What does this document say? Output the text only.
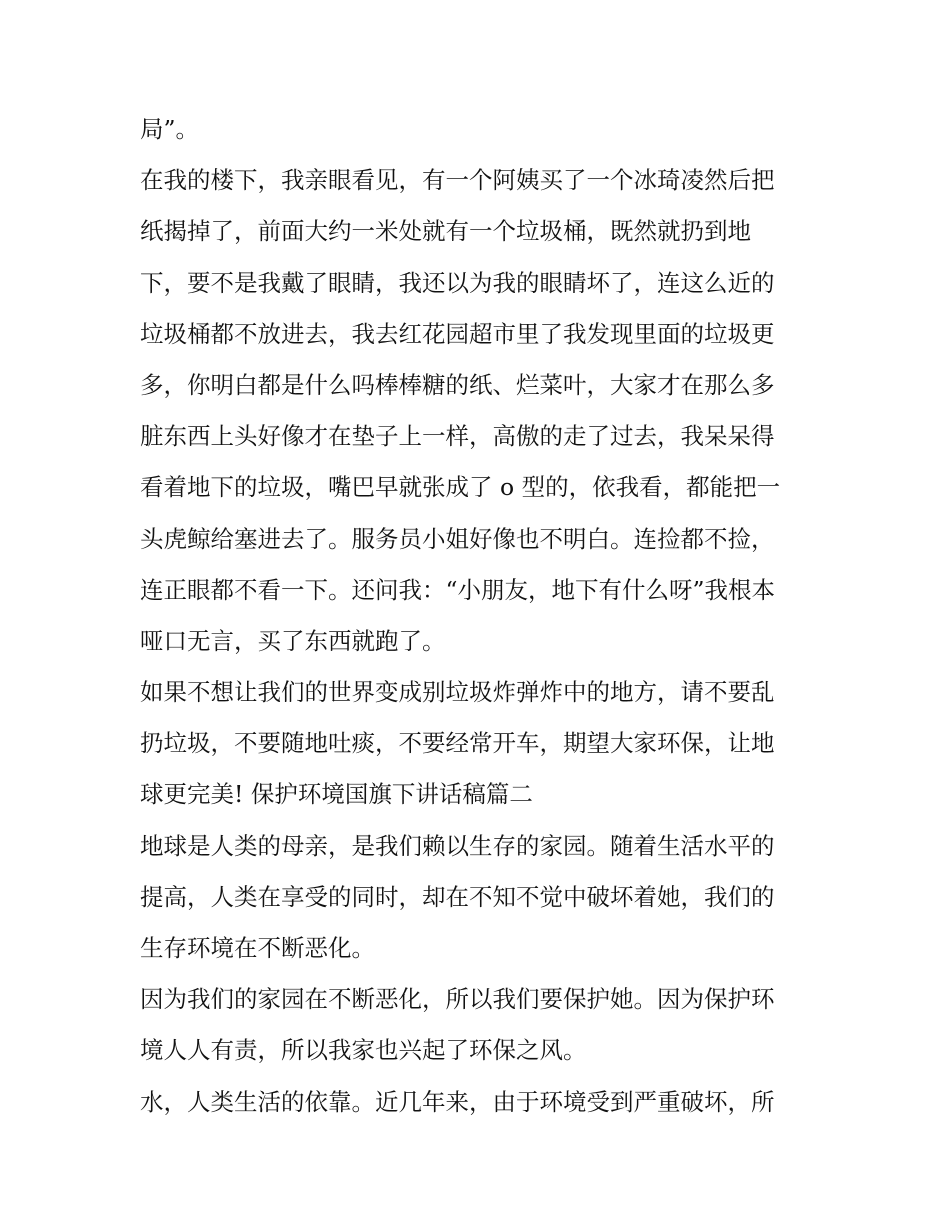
局”。
在我的楼下，我亲眼看见，有一个阿姨买了一个冰琦凌然后把
纸揭掉了，前面大约一米处就有一个垃圾桶，既然就扔到地
下，要不是我戴了眼睛，我还以为我的眼睛坏了，连这么近的
垃圾桶都不放进去，我去红花园超市里了我发现里面的垃圾更
多，你明白都是什么吗棒棒糖的纸、烂菜叶，大家才在那么多
脏东西上头好像才在垫子上一样，高傲的走了过去，我呆呆得
看着地下的垃圾，嘴巴早就张成了 o 型的，依我看，都能把一
头虎鲸给塞进去了。服务员小姐好像也不明白。连捡都不捡，
连正眼都不看一下。还问我：“小朋友，地下有什么呀”我根本
哑口无言，买了东西就跑了。
如果不想让我们的世界变成别垃圾炸弹炸中的地方，请不要乱
扔垃圾，不要随地吐痰，不要经常开车，期望大家环保，让地
球更完美! 保护环境国旗下讲话稿篇二
地球是人类的母亲，是我们赖以生存的家园。随着生活水平的
提高，人类在享受的同时，却在不知不觉中破坏着她，我们的
生存环境在不断恶化。
因为我们的家园在不断恶化，所以我们要保护她。因为保护环
境人人有责，所以我家也兴起了环保之风。
水，人类生活的依靠。近几年来，由于环境受到严重破坏，所
